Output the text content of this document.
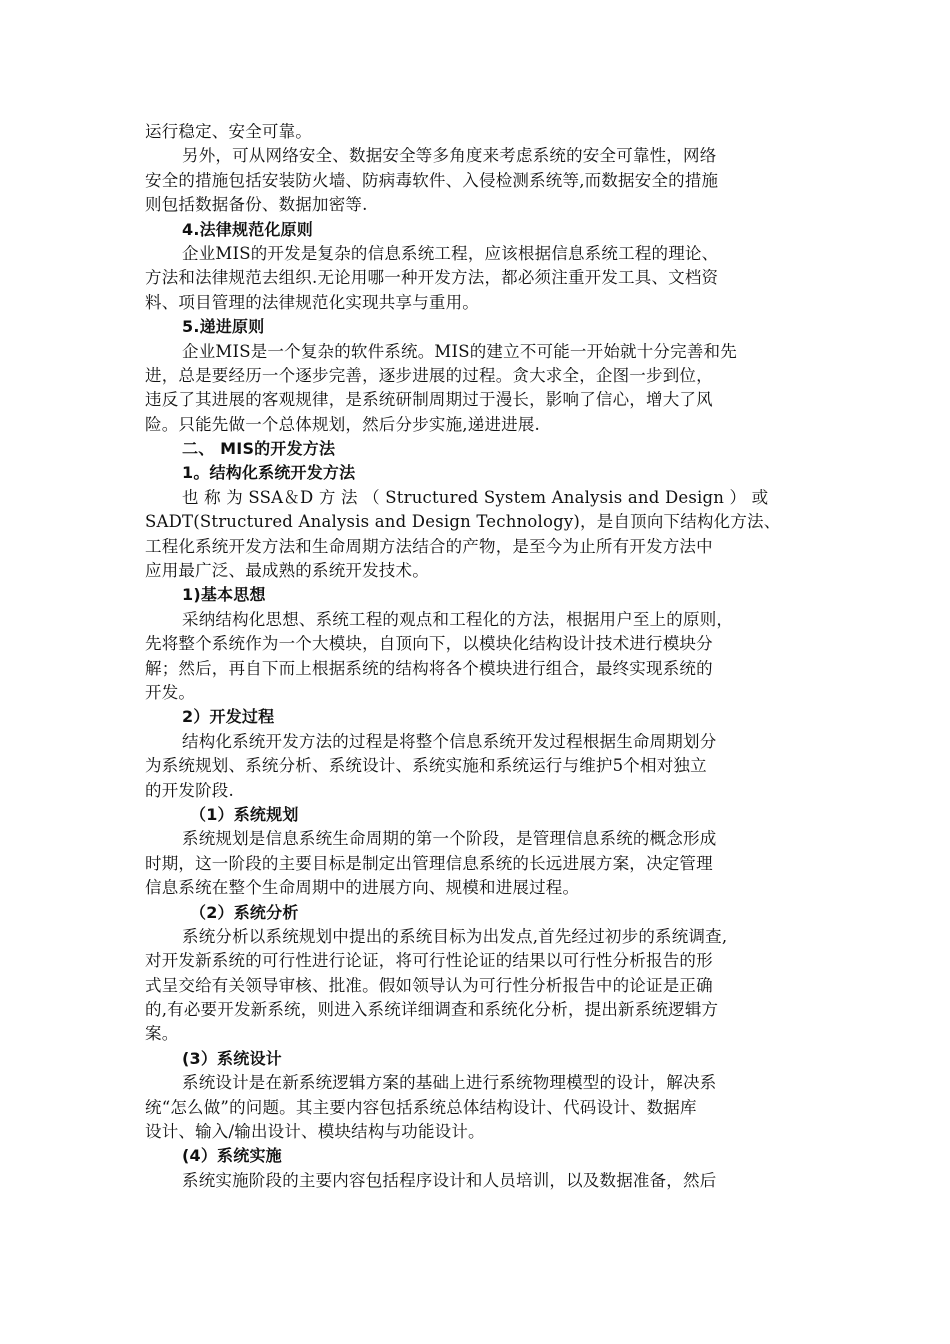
运行稳定、安全可靠。
另外，可从网络安全、数据安全等多角度来考虑系统的安全可靠性，网络
安全的措施包括安装防火墙、防病毒软件、入侵检测系统等,而数据安全的措施
则包括数据备份、数据加密等.
4.法律规范化原则
企业MIS的开发是复杂的信息系统工程，应该根据信息系统工程的理论、
方法和法律规范去组织.无论用哪一种开发方法，都必须注重开发工具、文档资
料、项目管理的法律规范化实现共享与重用。
5.递进原则
企业MIS是一个复杂的软件系统。MIS的建立不可能一开始就十分完善和先
进，总是要经历一个逐步完善，逐步进展的过程。贪大求全，企图一步到位，
违反了其进展的客观规律，是系统研制周期过于漫长，影响了信心，增大了风
险。只能先做一个总体规划，然后分步实施,递进进展.
二、 MIS的开发方法
1。结构化系统开发方法
也 称 为 SSA＆D 方 法 （ Structured System Analysis and Design ） 或
SADT(Structured Analysis and Design Technology)，是自顶向下结构化方法、
工程化系统开发方法和生命周期方法结合的产物，是至今为止所有开发方法中
应用最广泛、最成熟的系统开发技术。
1)基本思想
采纳结构化思想、系统工程的观点和工程化的方法，根据用户至上的原则，
先将整个系统作为一个大模块，自顶向下，以模块化结构设计技术进行模块分
解；然后，再自下而上根据系统的结构将各个模块进行组合，最终实现系统的
开发。
2）开发过程
结构化系统开发方法的过程是将整个信息系统开发过程根据生命周期划分
为系统规划、系统分析、系统设计、系统实施和系统运行与维护5个相对独立
的开发阶段.
（1）系统规划
系统规划是信息系统生命周期的第一个阶段，是管理信息系统的概念形成
时期，这一阶段的主要目标是制定出管理信息系统的长远进展方案，决定管理
信息系统在整个生命周期中的进展方向、规模和进展过程。
（2）系统分析
系统分析以系统规划中提出的系统目标为出发点,首先经过初步的系统调查,
对开发新系统的可行性进行论证，将可行性论证的结果以可行性分析报告的形
式呈交给有关领导审核、批准。假如领导认为可行性分析报告中的论证是正确
的,有必要开发新系统，则进入系统详细调查和系统化分析，提出新系统逻辑方
案。
(3）系统设计
系统设计是在新系统逻辑方案的基础上进行系统物理模型的设计，解决系
统“怎么做”的问题。其主要内容包括系统总体结构设计、代码设计、数据库
设计、输入/输出设计、模块结构与功能设计。
(4）系统实施
系统实施阶段的主要内容包括程序设计和人员培训，以及数据准备，然后
